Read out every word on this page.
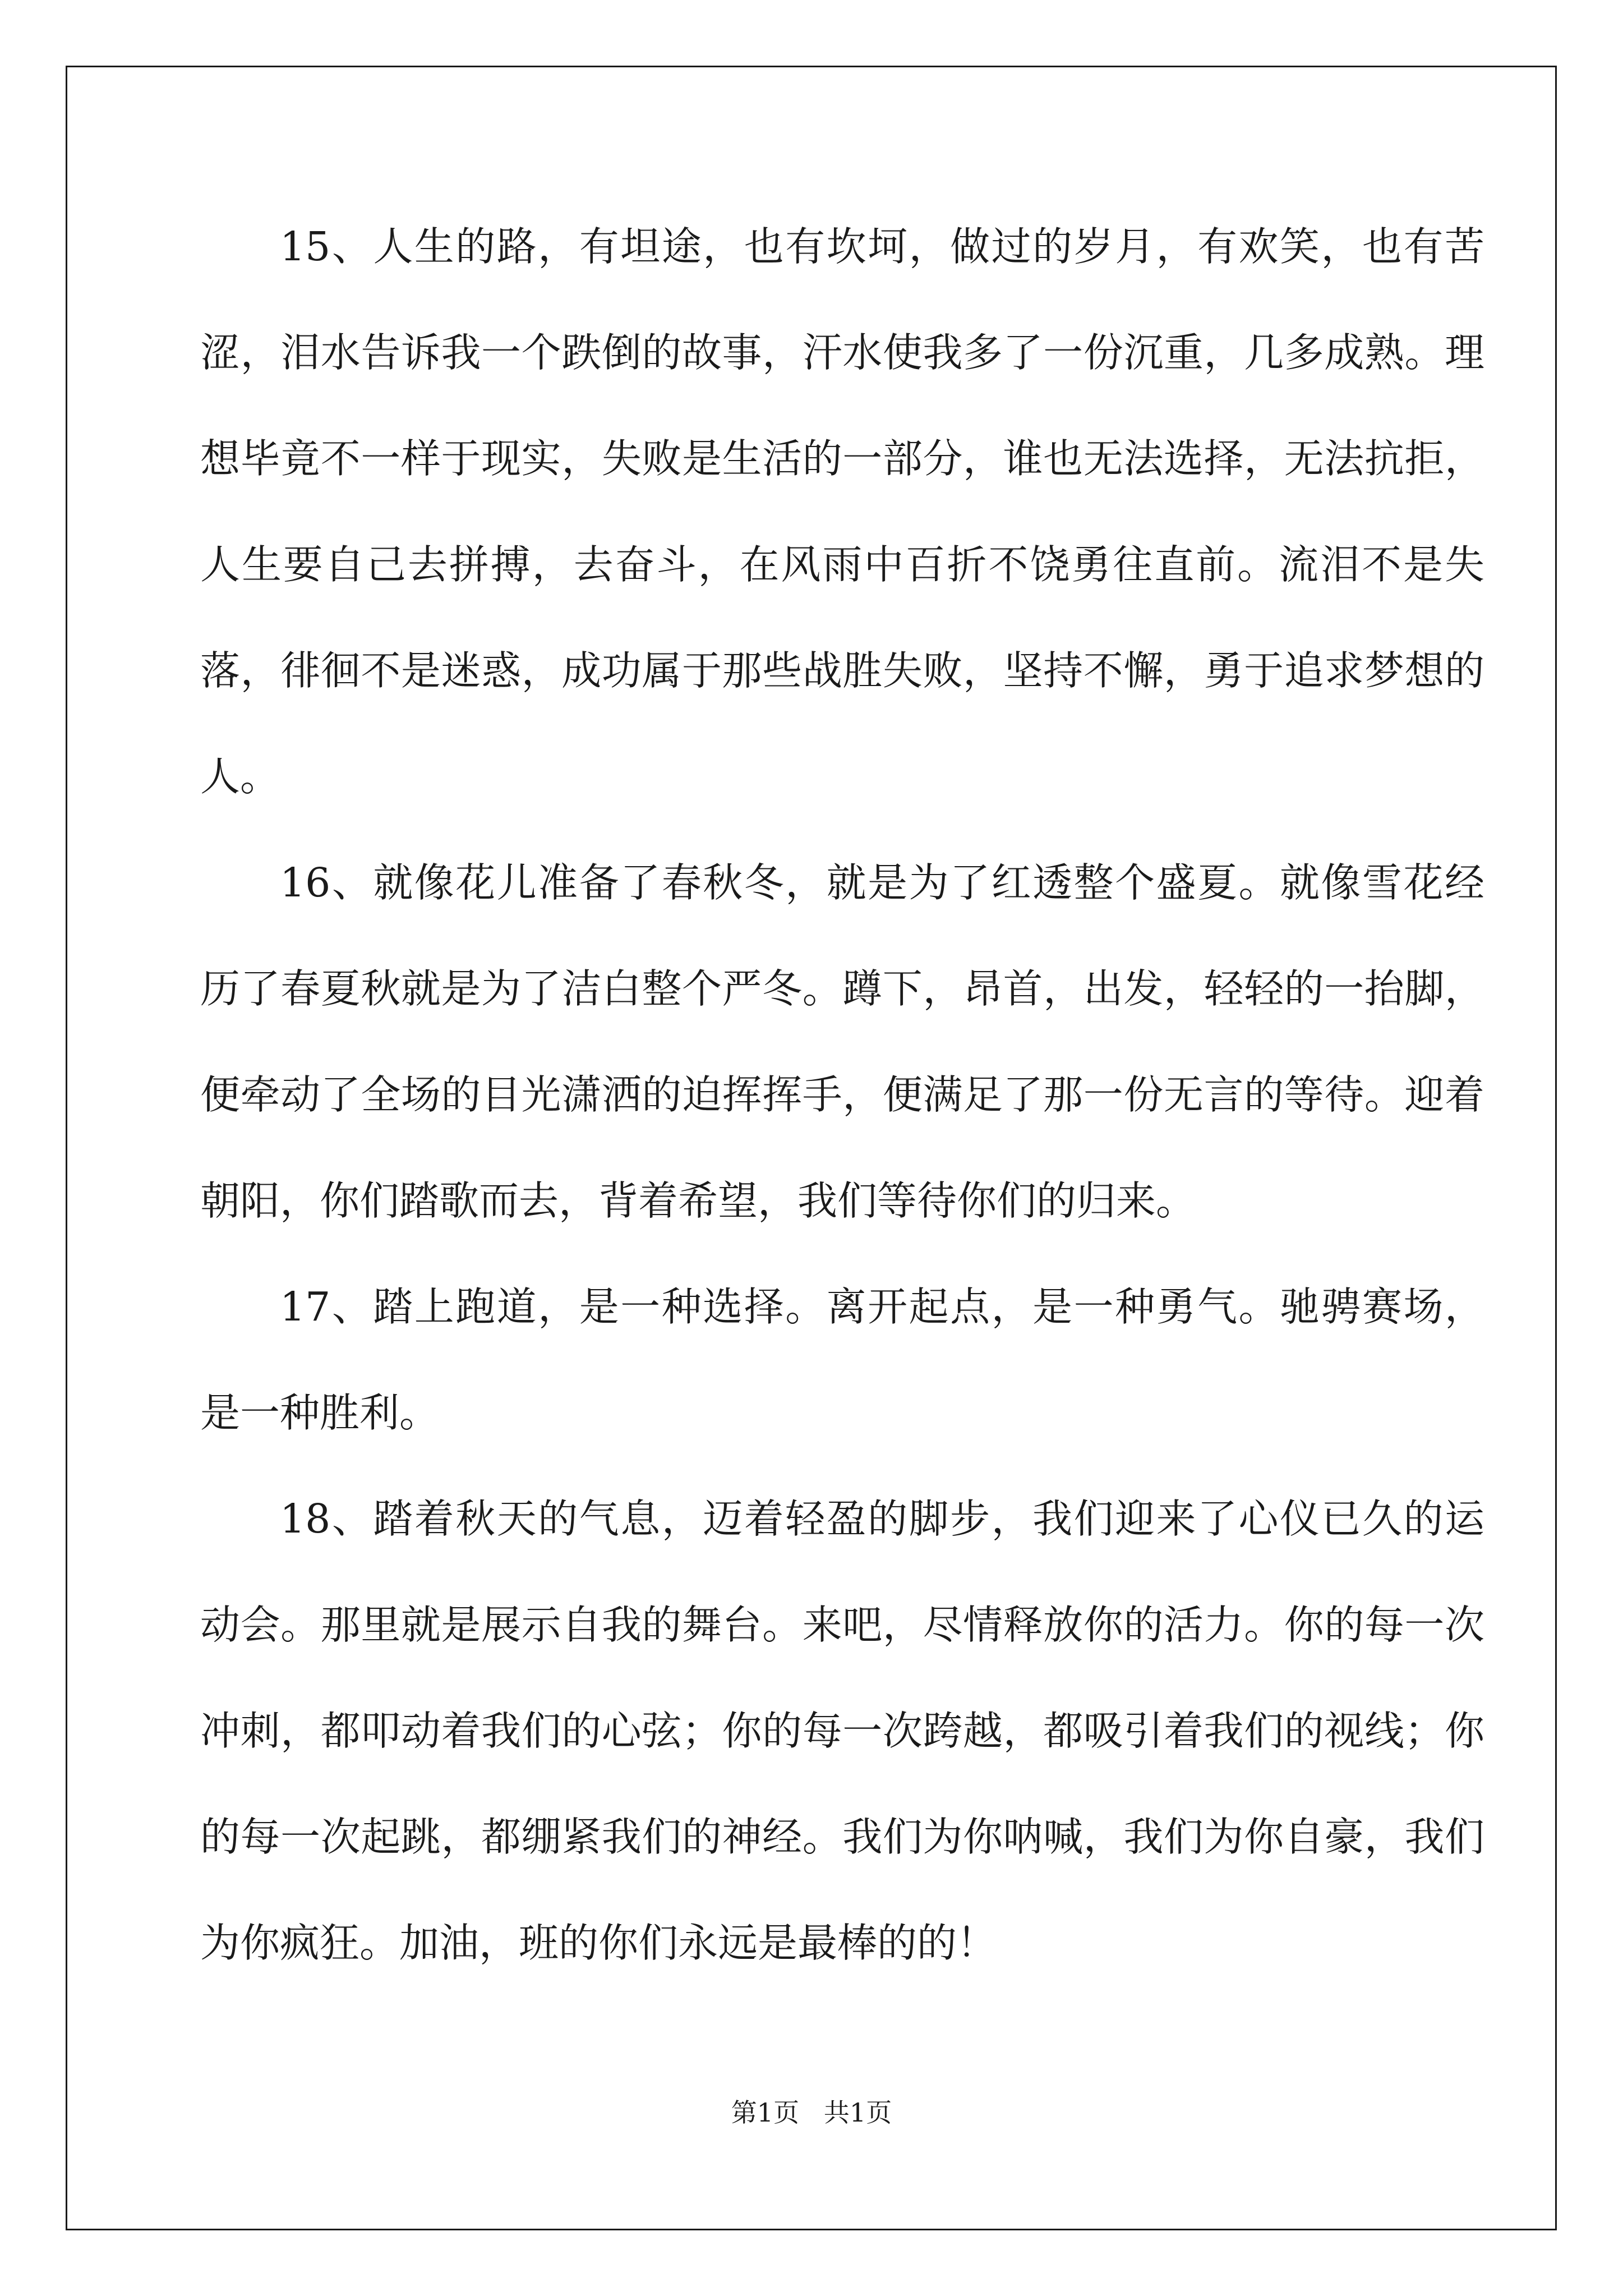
15、人生的路，有坦途，也有坎坷，做过的岁月，有欢笑，也有苦涩，泪水告诉我一个跌倒的故事，汗水使我多了一份沉重，几多成熟。理想毕竟不一样于现实，失败是生活的一部分，谁也无法选择，无法抗拒，人生要自己去拼搏，去奋斗，在风雨中百折不饶勇往直前。流泪不是失落，徘徊不是迷惑，成功属于那些战胜失败，坚持不懈，勇于追求梦想的人。

16、就像花儿准备了春秋冬，就是为了红透整个盛夏。就像雪花经历了春夏秋就是为了洁白整个严冬。蹲下，昂首，出发，轻轻的一抬脚，便牵动了全场的目光潇洒的迫挥挥手，便满足了那一份无言的等待。迎着朝阳，你们踏歌而去，背着希望，我们等待你们的归来。

17、踏上跑道，是一种选择。离开起点，是一种勇气。驰骋赛场，是一种胜利。

18、踏着秋天的气息，迈着轻盈的脚步，我们迎来了心仪已久的运动会。那里就是展示自我的舞台。来吧，尽情释放你的活力。你的每一次冲刺，都叩动着我们的心弦；你的每一次跨越，都吸引着我们的视线；你的每一次起跳，都绷紧我们的神经。我们为你呐喊，我们为你自豪，我们为你疯狂。加油，班的你们永远是最棒的的！

第1页   共1页
